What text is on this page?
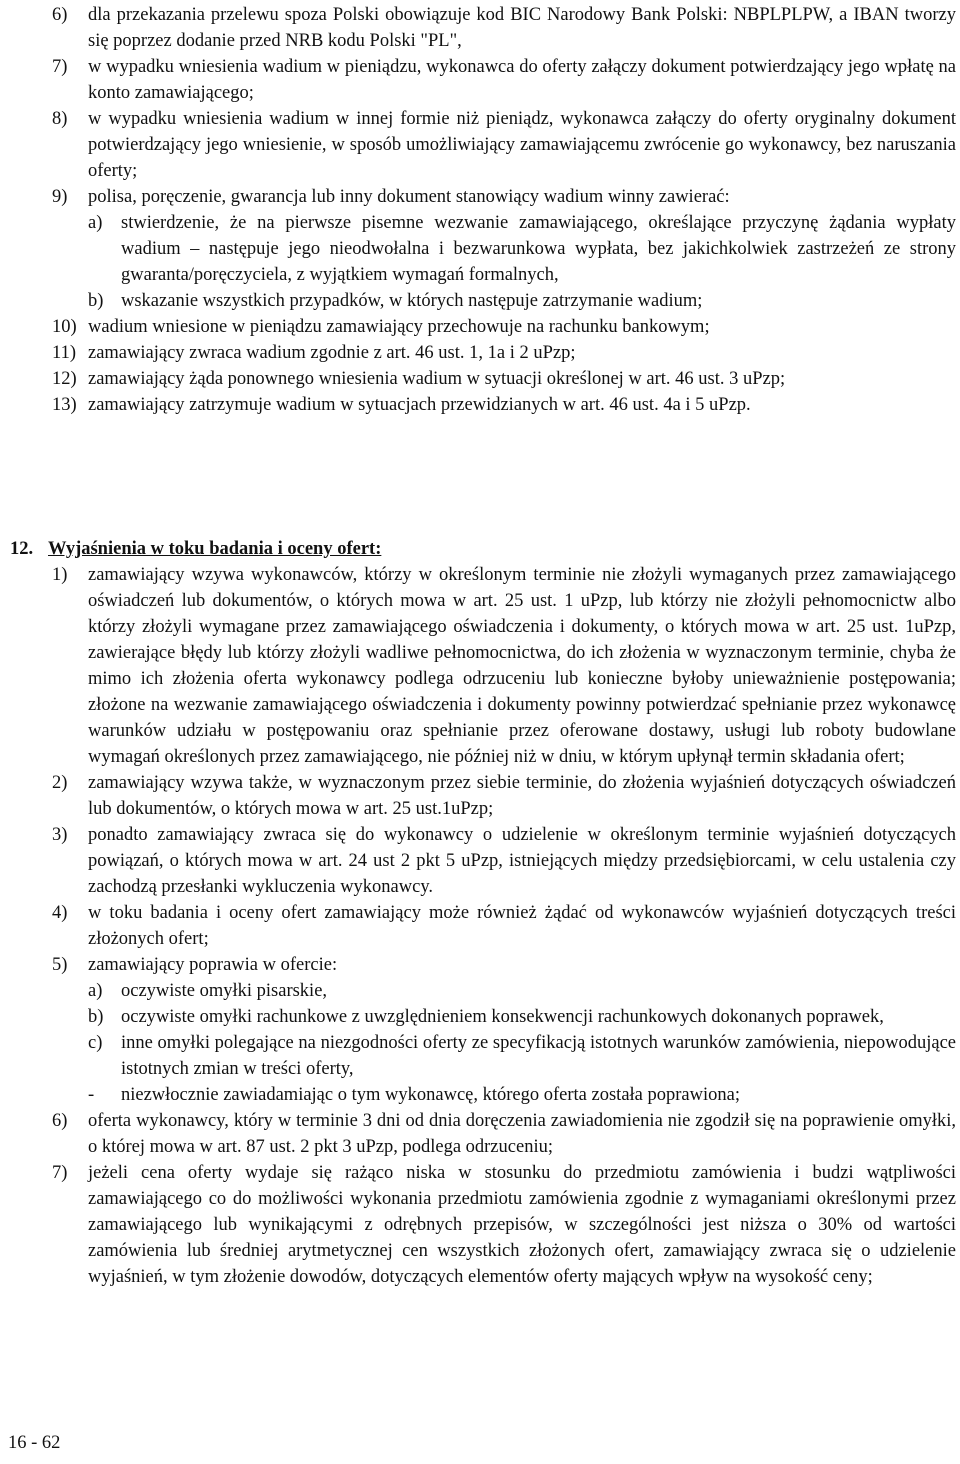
6) dla przekazania przelewu spoza Polski obowiązuje kod BIC Narodowy Bank Polski: NBPLPLPW, a IBAN tworzy się poprzez dodanie przed NRB kodu Polski "PL",
7) w wypadku wniesienia wadium w pieniądzu, wykonawca do oferty załączy dokument potwierdzający jego wpłatę na konto zamawiającego;
8) w wypadku wniesienia wadium w innej formie niż pieniądz, wykonawca załączy do oferty oryginalny dokument potwierdzający jego wniesienie, w sposób umożliwiający zamawiającemu zwrócenie go wykonawcy, bez naruszania oferty;
9) polisa, poręczenie, gwarancja lub inny dokument stanowiący wadium winny zawierać:
a) stwierdzenie, że na pierwsze pisemne wezwanie zamawiającego, określające przyczynę żądania wypłaty wadium – następuje jego nieodwołalna i bezwarunkowa wypłata, bez jakichkolwiek zastrzeżeń ze strony gwaranta/poręczyciela, z wyjątkiem wymagań formalnych,
b) wskazanie wszystkich przypadków, w których następuje zatrzymanie wadium;
10) wadium wniesione w pieniądzu zamawiający przechowuje na rachunku bankowym;
11) zamawiający zwraca wadium zgodnie z art. 46 ust. 1, 1a i 2 uPzp;
12) zamawiający żąda ponownego wniesienia wadium w sytuacji określonej w art. 46 ust. 3 uPzp;
13) zamawiający zatrzymuje wadium w sytuacjach przewidzianych w art. 46 ust. 4a i 5 uPzp.
12. Wyjaśnienia w toku badania i oceny ofert:
1) zamawiający wzywa wykonawców, którzy w określonym terminie nie złożyli wymaganych przez zamawiającego oświadczeń lub dokumentów, o których mowa w art. 25 ust. 1 uPzp, lub którzy nie złożyli pełnomocnictw albo którzy złożyli wymagane przez zamawiającego oświadczenia i dokumenty, o których mowa w art. 25 ust. 1uPzp, zawierające błędy lub którzy złożyli wadliwe pełnomocnictwa, do ich złożenia w wyznaczonym terminie, chyba że mimo ich złożenia oferta wykonawcy podlega odrzuceniu lub konieczne byłoby unieważnienie postępowania; złożone na wezwanie zamawiającego oświadczenia i dokumenty powinny potwierdzać spełnianie przez wykonawcę warunków udziału w postępowaniu oraz spełnianie przez oferowane dostawy, usługi lub roboty budowlane wymagań określonych przez zamawiającego, nie później niż w dniu, w którym upłynął termin składania ofert;
2) zamawiający wzywa także, w wyznaczonym przez siebie terminie, do złożenia wyjaśnień dotyczących oświadczeń lub dokumentów, o których mowa w art. 25 ust.1uPzp;
3) ponadto zamawiający zwraca się do wykonawcy o udzielenie w określonym terminie wyjaśnień dotyczących powiązań, o których mowa w art. 24 ust 2 pkt 5 uPzp, istniejących między przedsiębiorcami, w celu ustalenia czy zachodzą przesłanki wykluczenia wykonawcy.
4) w toku badania i oceny ofert zamawiający może również żądać od wykonawców wyjaśnień dotyczących treści złożonych ofert;
5) zamawiający poprawia w ofercie:
a) oczywiste omyłki pisarskie,
b) oczywiste omyłki rachunkowe z uwzględnieniem konsekwencji rachunkowych dokonanych poprawek,
c) inne omyłki polegające na niezgodności oferty ze specyfikacją istotnych warunków zamówienia, niepowodujące istotnych zmian w treści oferty,
- niezwłocznie zawiadamiając o tym wykonawcę, którego oferta została poprawiona;
6) oferta wykonawcy, który w terminie 3 dni od dnia doręczenia zawiadomienia nie zgodził się na poprawienie omyłki, o której mowa w art. 87 ust. 2 pkt 3 uPzp, podlega odrzuceniu;
7) jeżeli cena oferty wydaje się rażąco niska w stosunku do przedmiotu zamówienia i budzi wątpliwości zamawiającego co do możliwości wykonania przedmiotu zamówienia zgodnie z wymaganiami określonymi przez zamawiającego lub wynikającymi z odrębnych przepisów, w szczególności jest niższa o 30% od wartości zamówienia lub średniej arytmetycznej cen wszystkich złożonych ofert, zamawiający zwraca się o udzielenie wyjaśnień, w tym złożenie dowodów, dotyczących elementów oferty mających wpływ na wysokość ceny;
16 - 62
